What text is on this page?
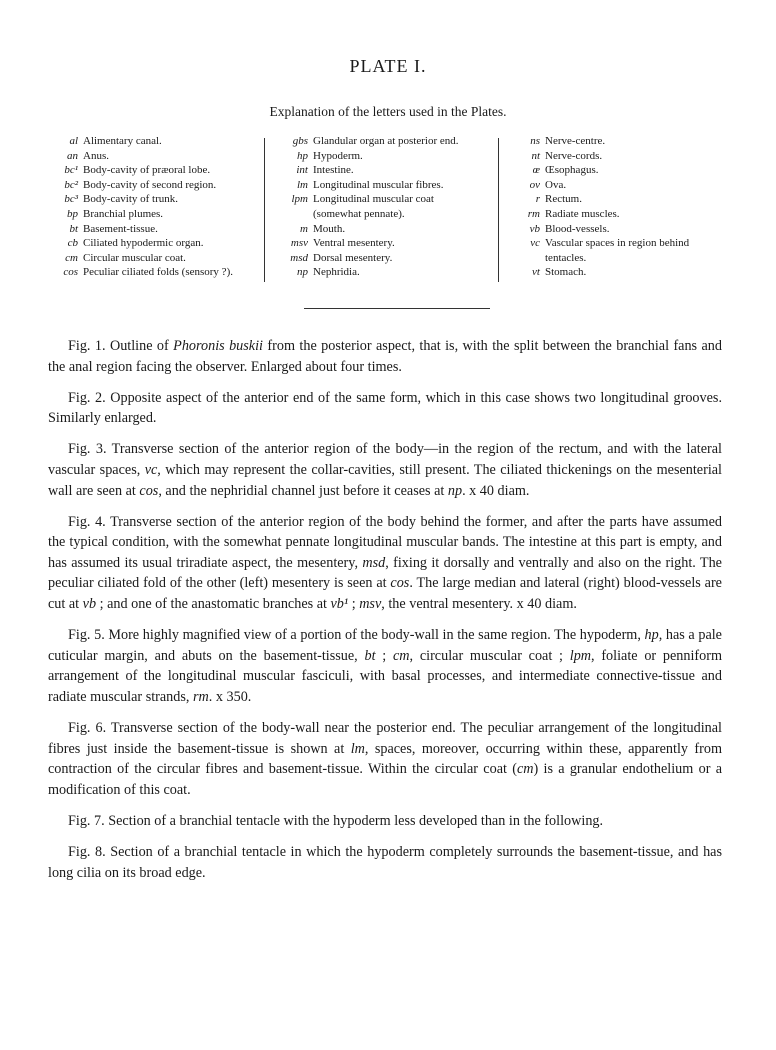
PLATE I.
Explanation of the letters used in the Plates.
al Alimentary canal.
an Anus.
bc¹ Body-cavity of præoral lobe.
bc² Body-cavity of second region.
bc³ Body-cavity of trunk.
bp Branchial plumes.
bt Basement-tissue.
cb Ciliated hypodermic organ.
cm Circular muscular coat.
cos Peculiar ciliated folds (sensory ?).
gbs Glandular organ at posterior end.
hp Hypoderm.
int Intestine.
lm Longitudinal muscular fibres.
lpm Longitudinal muscular coat
(somewhat pennate).
m Mouth.
msv Ventral mesentery.
msd Dorsal mesentery.
np Nephridia.
ns Nerve-centre.
nt Nerve-cords.
œ Œsophagus.
ov Ova.
r Rectum.
rm Radiate muscles.
vb Blood-vessels.
vc Vascular spaces in region behind
tentacles.
vt Stomach.

Fig. 1. Outline of Phoronis buskii from the posterior aspect, that is, with the split between the branchial fans and the anal region facing the observer. Enlarged about four times.

Fig. 2. Opposite aspect of the anterior end of the same form, which in this case shows two longitudinal grooves. Similarly enlarged.

Fig. 3. Transverse section of the anterior region of the body—in the region of the rectum, and with the lateral vascular spaces, vc, which may represent the collar-cavities, still present. The ciliated thickenings on the mesenterial wall are seen at cos, and the nephridial channel just before it ceases at np. x 40 diam.

Fig. 4. Transverse section of the anterior region of the body behind the former, and after the parts have assumed the typical condition, with the somewhat pennate longitudinal muscular bands. The intestine at this part is empty, and has assumed its usual triradiate aspect, the mesentery, msd, fixing it dorsally and ventrally and also on the right. The peculiar ciliated fold of the other (left) mesentery is seen at cos. The large median and lateral (right) blood-vessels are cut at vb ; and one of the anastomatic branches at vb¹ ; msv, the ventral mesentery. x 40 diam.

Fig. 5. More highly magnified view of a portion of the body-wall in the same region. The hypoderm, hp, has a pale cuticular margin, and abuts on the basement-tissue, bt ; cm, circular muscular coat ; lpm, foliate or penniform arrangement of the longitudinal muscular fasciculi, with basal processes, and intermediate connective-tissue and radiate muscular strands, rm. x 350.

Fig. 6. Transverse section of the body-wall near the posterior end. The peculiar arrangement of the longitudinal fibres just inside the basement-tissue is shown at lm, spaces, moreover, occurring within these, apparently from contraction of the circular fibres and basement-tissue. Within the circular coat (cm) is a granular endothelium or a modification of this coat.

Fig. 7. Section of a branchial tentacle with the hypoderm less developed than in the following.

Fig. 8. Section of a branchial tentacle in which the hypoderm completely surrounds the basement-tissue, and has long cilia on its broad edge.
